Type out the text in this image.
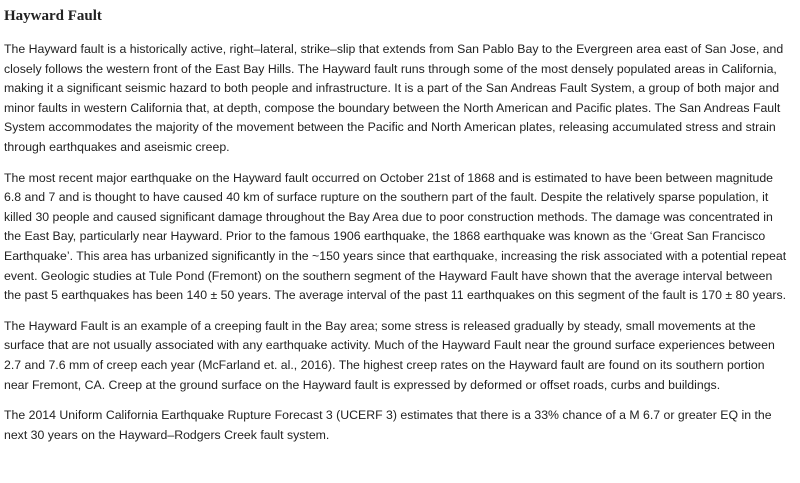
Hayward Fault

The Hayward fault is a historically active, right–lateral, strike–slip that extends from San Pablo Bay to the Evergreen area east of San Jose, and closely follows the western front of the East Bay Hills. The Hayward fault runs through some of the most densely populated areas in California, making it a significant seismic hazard to both people and infrastructure. It is a part of the San Andreas Fault System, a group of both major and minor faults in western California that, at depth, compose the boundary between the North American and Pacific plates. The San Andreas Fault System accommodates the majority of the movement between the Pacific and North American plates, releasing accumulated stress and strain through earthquakes and aseismic creep.

The most recent major earthquake on the Hayward fault occurred on October 21st of 1868 and is estimated to have been between magnitude 6.8 and 7 and is thought to have caused 40 km of surface rupture on the southern part of the fault. Despite the relatively sparse population, it killed 30 people and caused significant damage throughout the Bay Area due to poor construction methods. The damage was concentrated in the East Bay, particularly near Hayward. Prior to the famous 1906 earthquake, the 1868 earthquake was known as the ‘Great San Francisco Earthquake’. This area has urbanized significantly in the ~150 years since that earthquake, increasing the risk associated with a potential repeat event. Geologic studies at Tule Pond (Fremont) on the southern segment of the Hayward Fault have shown that the average interval between the past 5 earthquakes has been 140 ± 50 years. The average interval of the past 11 earthquakes on this segment of the fault is 170 ± 80 years.

The Hayward Fault is an example of a creeping fault in the Bay area; some stress is released gradually by steady, small movements at the surface that are not usually associated with any earthquake activity. Much of the Hayward Fault near the ground surface experiences between 2.7 and 7.6 mm of creep each year (McFarland et. al., 2016). The highest creep rates on the Hayward fault are found on its southern portion near Fremont, CA. Creep at the ground surface on the Hayward fault is expressed by deformed or offset roads, curbs and buildings.

The 2014 Uniform California Earthquake Rupture Forecast 3 (UCERF 3) estimates that there is a 33% chance of a M 6.7 or greater EQ in the next 30 years on the Hayward–Rodgers Creek fault system.
